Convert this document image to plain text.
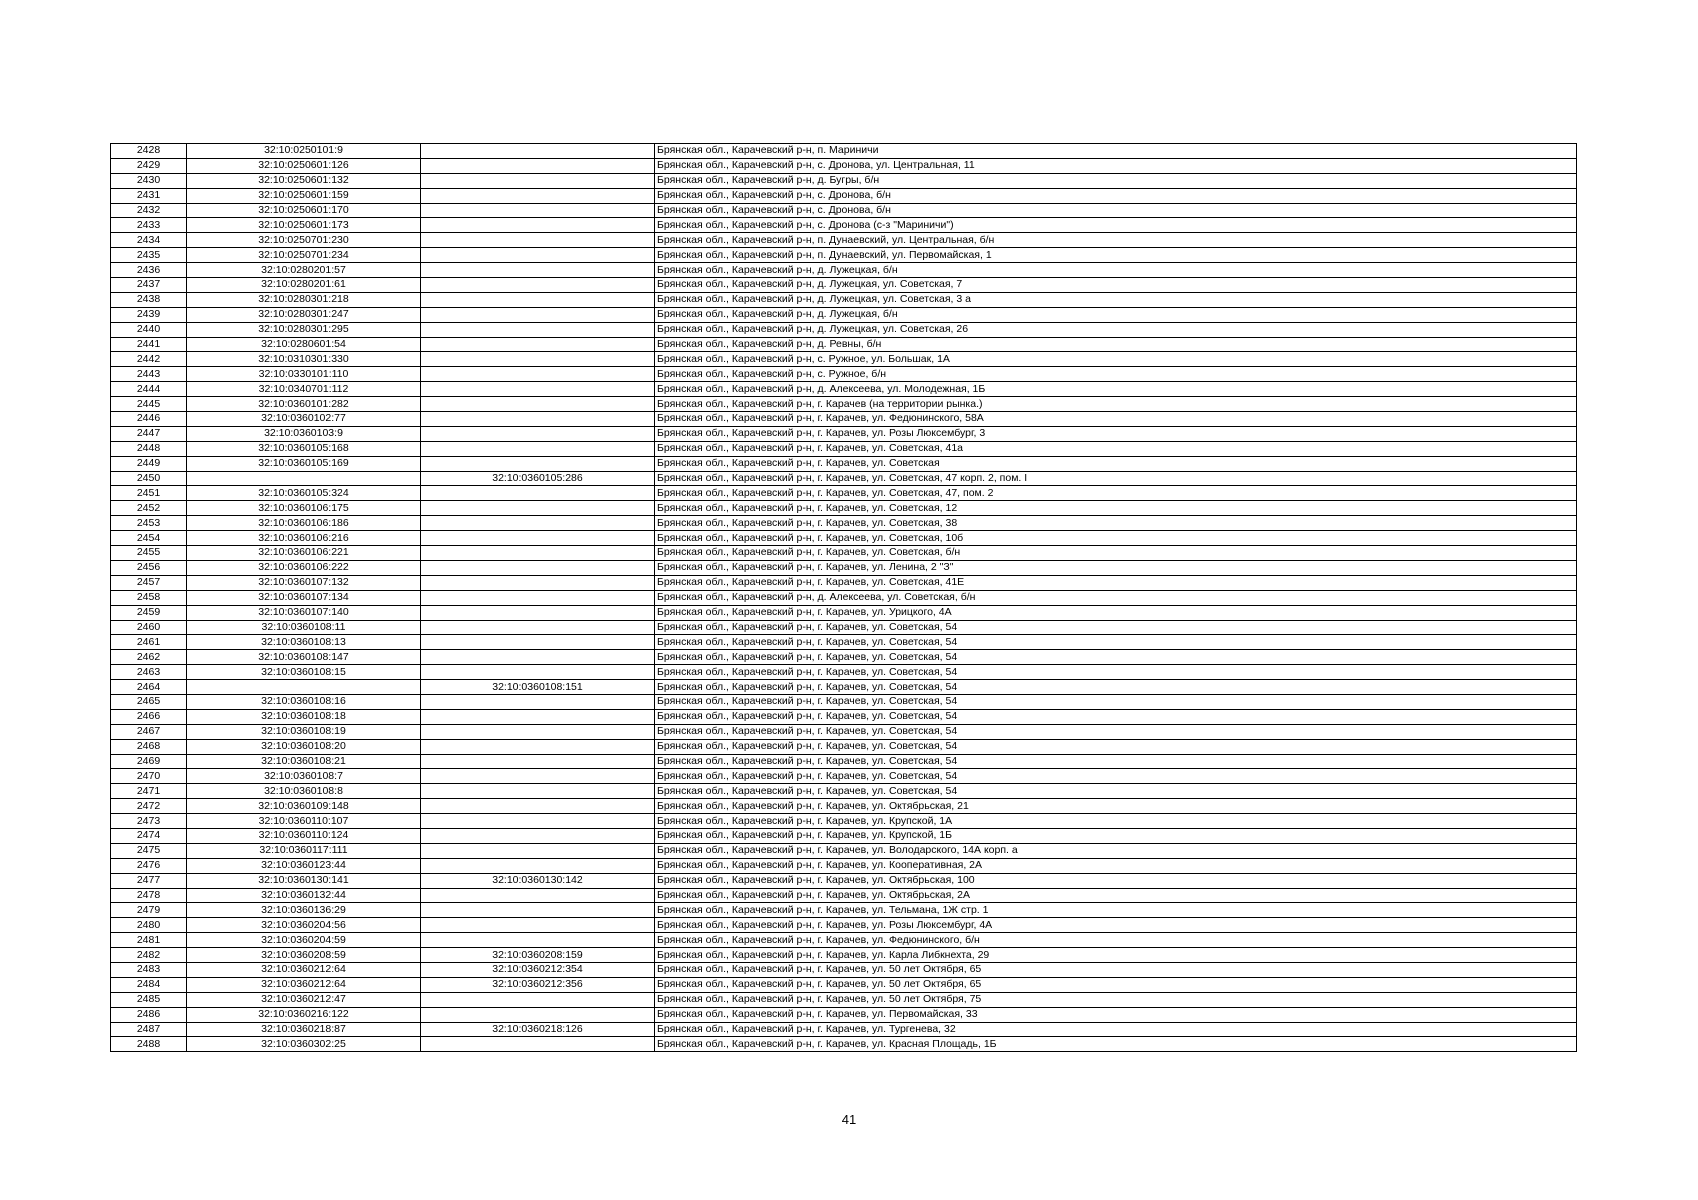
2428	32:10:0250101:9		Брянская обл., Карачевский р-н, п. Мариничи
2429	32:10:0250601:126		Брянская обл., Карачевский р-н, с. Дронова, ул. Центральная, 11
2430	32:10:0250601:132		Брянская обл., Карачевский р-н, д. Бугры, б/н
2431	32:10:0250601:159		Брянская обл., Карачевский р-н, с. Дронова, б/н
2432	32:10:0250601:170		Брянская обл., Карачевский р-н, с. Дронова, б/н
2433	32:10:0250601:173		Брянская обл., Карачевский р-н, с. Дронова (с-з "Мариничи")
2434	32:10:0250701:230		Брянская обл., Карачевский р-н, п. Дунаевский, ул. Центральная, б/н
2435	32:10:0250701:234		Брянская обл., Карачевский р-н, п. Дунаевский, ул. Первомайская, 1
2436	32:10:0280201:57		Брянская обл., Карачевский р-н, д. Лужецкая, б/н
2437	32:10:0280201:61		Брянская обл., Карачевский р-н, д. Лужецкая, ул. Советская, 7
2438	32:10:0280301:218		Брянская обл., Карачевский р-н, д. Лужецкая, ул. Советская, 3 а
2439	32:10:0280301:247		Брянская обл., Карачевский р-н, д. Лужецкая, б/н
2440	32:10:0280301:295		Брянская обл., Карачевский р-н, д. Лужецкая, ул. Советская, 26
2441	32:10:0280601:54		Брянская обл., Карачевский р-н, д. Ревны, б/н
2442	32:10:0310301:330		Брянская обл., Карачевский р-н, с. Ружное, ул. Большак, 1А
2443	32:10:0330101:110		Брянская обл., Карачевский р-н, с. Ружное, б/н
2444	32:10:0340701:112		Брянская обл., Карачевский р-н, д. Алексеева, ул. Молодежная, 1Б
2445	32:10:0360101:282		Брянская обл., Карачевский р-н, г. Карачев (на территории рынка.)
2446	32:10:0360102:77		Брянская обл., Карачевский р-н, г. Карачев, ул. Федюнинского, 58А
2447	32:10:0360103:9		Брянская обл., Карачевский р-н, г. Карачев, ул. Розы Люксембург, 3
2448	32:10:0360105:168		Брянская обл., Карачевский р-н, г. Карачев, ул. Советская, 41а
2449	32:10:0360105:169		Брянская обл., Карачевский р-н, г. Карачев, ул. Советская
2450		32:10:0360105:286	Брянская обл., Карачевский р-н, г. Карачев, ул. Советская, 47 корп. 2, пом. I
2451	32:10:0360105:324		Брянская обл., Карачевский р-н, г. Карачев, ул. Советская, 47, пом. 2
2452	32:10:0360106:175		Брянская обл., Карачевский р-н, г. Карачев, ул. Советская, 12
2453	32:10:0360106:186		Брянская обл., Карачевский р-н, г. Карачев, ул. Советская, 38
2454	32:10:0360106:216		Брянская обл., Карачевский р-н, г. Карачев, ул. Советская, 10б
2455	32:10:0360106:221		Брянская обл., Карачевский р-н, г. Карачев, ул. Советская, б/н
2456	32:10:0360106:222		Брянская обл., Карачевский р-н, г. Карачев, ул. Ленина, 2 "З"
2457	32:10:0360107:132		Брянская обл., Карачевский р-н, г. Карачев, ул. Советская, 41Е
2458	32:10:0360107:134		Брянская обл., Карачевский р-н, д. Алексеева, ул. Советская, б/н
2459	32:10:0360107:140		Брянская обл., Карачевский р-н, г. Карачев, ул. Урицкого, 4А
2460	32:10:0360108:11		Брянская обл., Карачевский р-н, г. Карачев, ул. Советская, 54
2461	32:10:0360108:13		Брянская обл., Карачевский р-н, г. Карачев, ул. Советская, 54
2462	32:10:0360108:147		Брянская обл., Карачевский р-н, г. Карачев, ул. Советская, 54
2463	32:10:0360108:15		Брянская обл., Карачевский р-н, г. Карачев, ул. Советская, 54
2464		32:10:0360108:151	Брянская обл., Карачевский р-н, г. Карачев, ул. Советская, 54
2465	32:10:0360108:16		Брянская обл., Карачевский р-н, г. Карачев, ул. Советская, 54
2466	32:10:0360108:18		Брянская обл., Карачевский р-н, г. Карачев, ул. Советская, 54
2467	32:10:0360108:19		Брянская обл., Карачевский р-н, г. Карачев, ул. Советская, 54
2468	32:10:0360108:20		Брянская обл., Карачевский р-н, г. Карачев, ул. Советская, 54
2469	32:10:0360108:21		Брянская обл., Карачевский р-н, г. Карачев, ул. Советская, 54
2470	32:10:0360108:7		Брянская обл., Карачевский р-н, г. Карачев, ул. Советская, 54
2471	32:10:0360108:8		Брянская обл., Карачевский р-н, г. Карачев, ул. Советская, 54
2472	32:10:0360109:148		Брянская обл., Карачевский р-н, г. Карачев, ул. Октябрьская, 21
2473	32:10:0360110:107		Брянская обл., Карачевский р-н, г. Карачев, ул. Крупской, 1А
2474	32:10:0360110:124		Брянская обл., Карачевский р-н, г. Карачев, ул. Крупской, 1Б
2475	32:10:0360117:111		Брянская обл., Карачевский р-н, г. Карачев, ул. Володарского, 14А корп. а
2476	32:10:0360123:44		Брянская обл., Карачевский р-н, г. Карачев, ул. Кооперативная, 2А
2477	32:10:0360130:141	32:10:0360130:142	Брянская обл., Карачевский р-н, г. Карачев, ул. Октябрьская, 100
2478	32:10:0360132:44		Брянская обл., Карачевский р-н, г. Карачев, ул. Октябрьская, 2А
2479	32:10:0360136:29		Брянская обл., Карачевский р-н, г. Карачев, ул. Тельмана, 1Ж стр. 1
2480	32:10:0360204:56		Брянская обл., Карачевский р-н, г. Карачев, ул. Розы Люксембург, 4А
2481	32:10:0360204:59		Брянская обл., Карачевский р-н, г. Карачев, ул. Федюнинского, б/н
2482	32:10:0360208:59	32:10:0360208:159	Брянская обл., Карачевский р-н, г. Карачев, ул. Карла Либкнехта, 29
2483	32:10:0360212:64	32:10:0360212:354	Брянская обл., Карачевский р-н, г. Карачев, ул. 50 лет Октября, 65
2484	32:10:0360212:64	32:10:0360212:356	Брянская обл., Карачевский р-н, г. Карачев, ул. 50 лет Октября, 65
2485	32:10:0360212:47		Брянская обл., Карачевский р-н, г. Карачев, ул. 50 лет Октября, 75
2486	32:10:0360216:122		Брянская обл., Карачевский р-н, г. Карачев, ул. Первомайская, 33
2487	32:10:0360218:87	32:10:0360218:126	Брянская обл., Карачевский р-н, г. Карачев, ул. Тургенева, 32
2488	32:10:0360302:25		Брянская обл., Карачевский р-н, г. Карачев, ул. Красная Площадь, 1Б
41
